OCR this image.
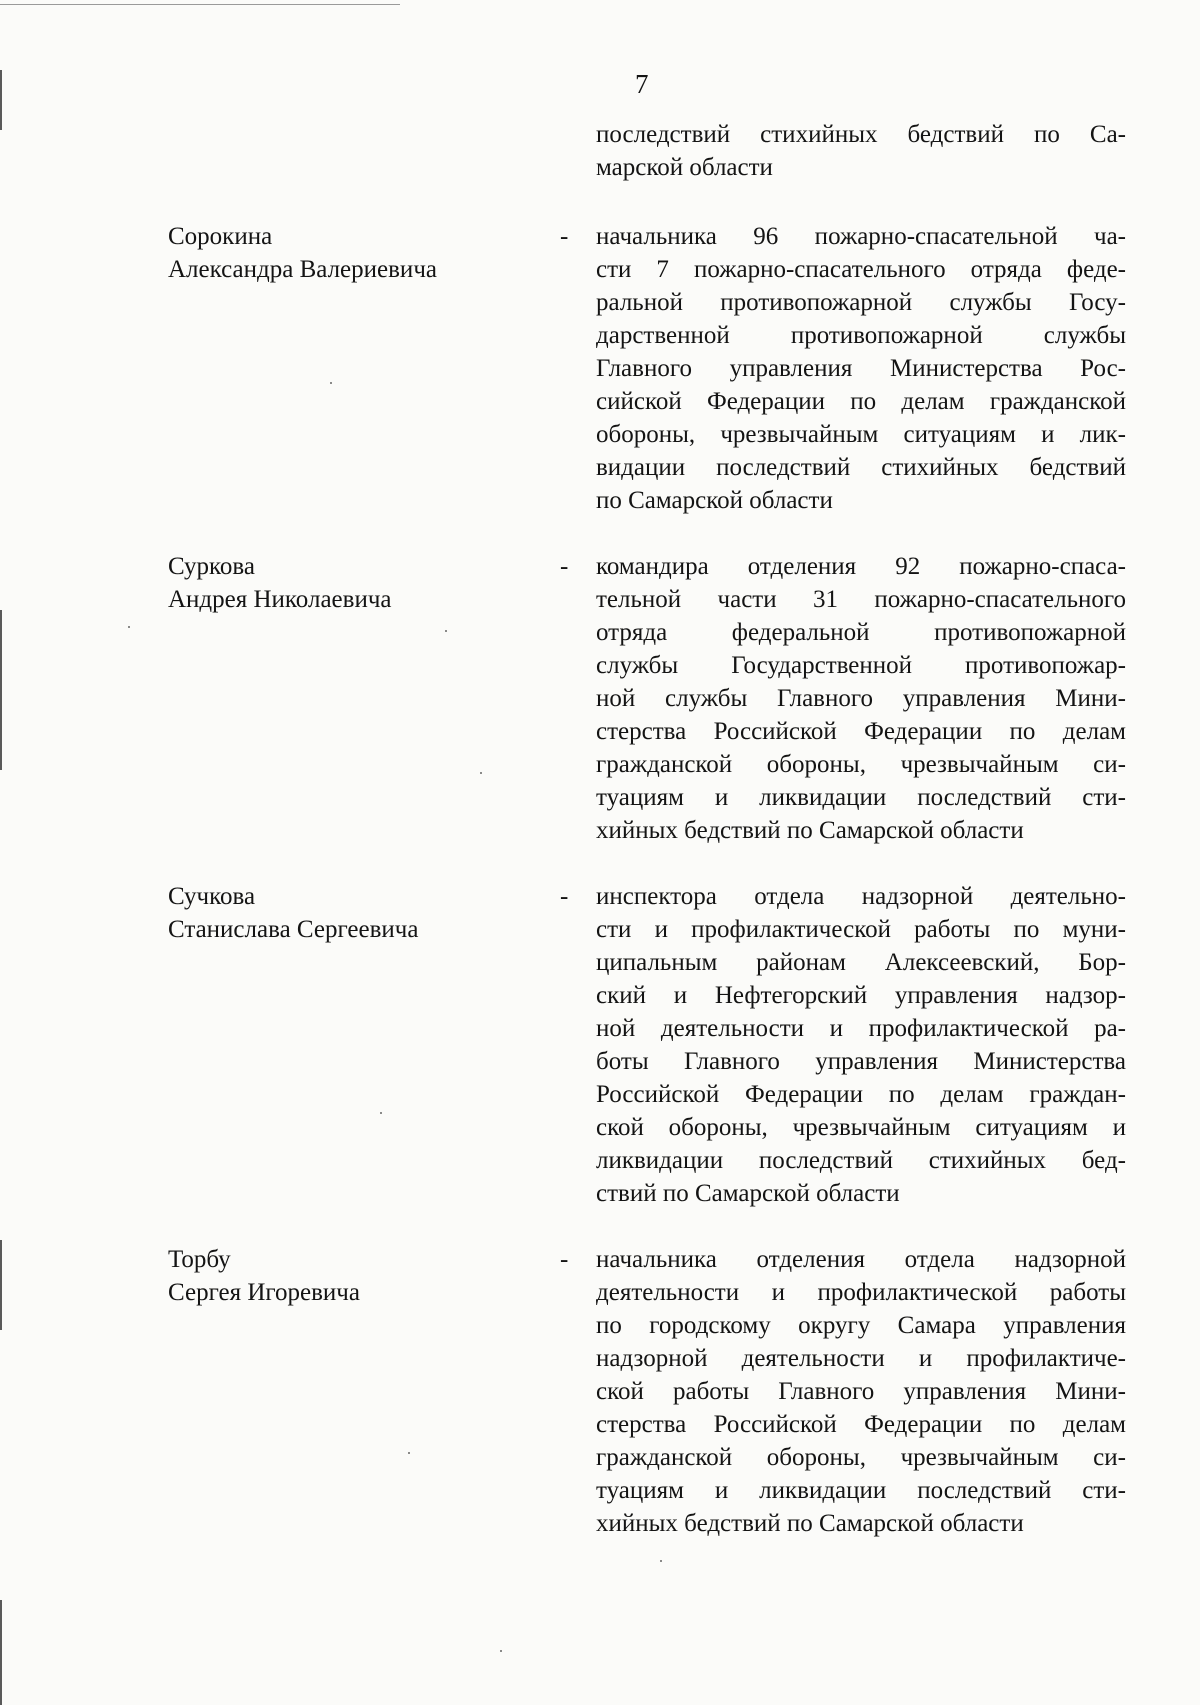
7

последствий стихийных бедствий по Са-
марской области
Сорокина
Александра Валериевича
- начальника 96 пожарно-спасательной ча-
сти 7 пожарно-спасательного отряда феде-
ральной противопожарной службы Госу-
дарственной противопожарной службы
Главного управления Министерства Рос-
сийской Федерации по делам гражданской
обороны, чрезвычайным ситуациям и лик-
видации последствий стихийных бедствий
по Самарской области
Суркова
Андрея Николаевича
- командира отделения 92 пожарно-спаса-
тельной части 31 пожарно-спасательного
отряда федеральной противопожарной
службы Государственной противопожар-
ной службы Главного управления Мини-
стерства Российской Федерации по делам
гражданской обороны, чрезвычайным си-
туациям и ликвидации последствий сти-
хийных бедствий по Самарской области
Сучкова
Станислава Сергеевича
- инспектора отдела надзорной деятельно-
сти и профилактической работы по муни-
ципальным районам Алексеевский, Бор-
ский и Нефтегорский управления надзор-
ной деятельности и профилактической ра-
боты Главного управления Министерства
Российской Федерации по делам граждан-
ской обороны, чрезвычайным ситуациям и
ликвидации последствий стихийных бед-
ствий по Самарской области
Торбу
Сергея Игоревича
- начальника отделения отдела надзорной
деятельности и профилактической работы
по городскому округу Самара управления
надзорной деятельности и профилактиче-
ской работы Главного управления Мини-
стерства Российской Федерации по делам
гражданской обороны, чрезвычайным си-
туациям и ликвидации последствий сти-
хийных бедствий по Самарской области
